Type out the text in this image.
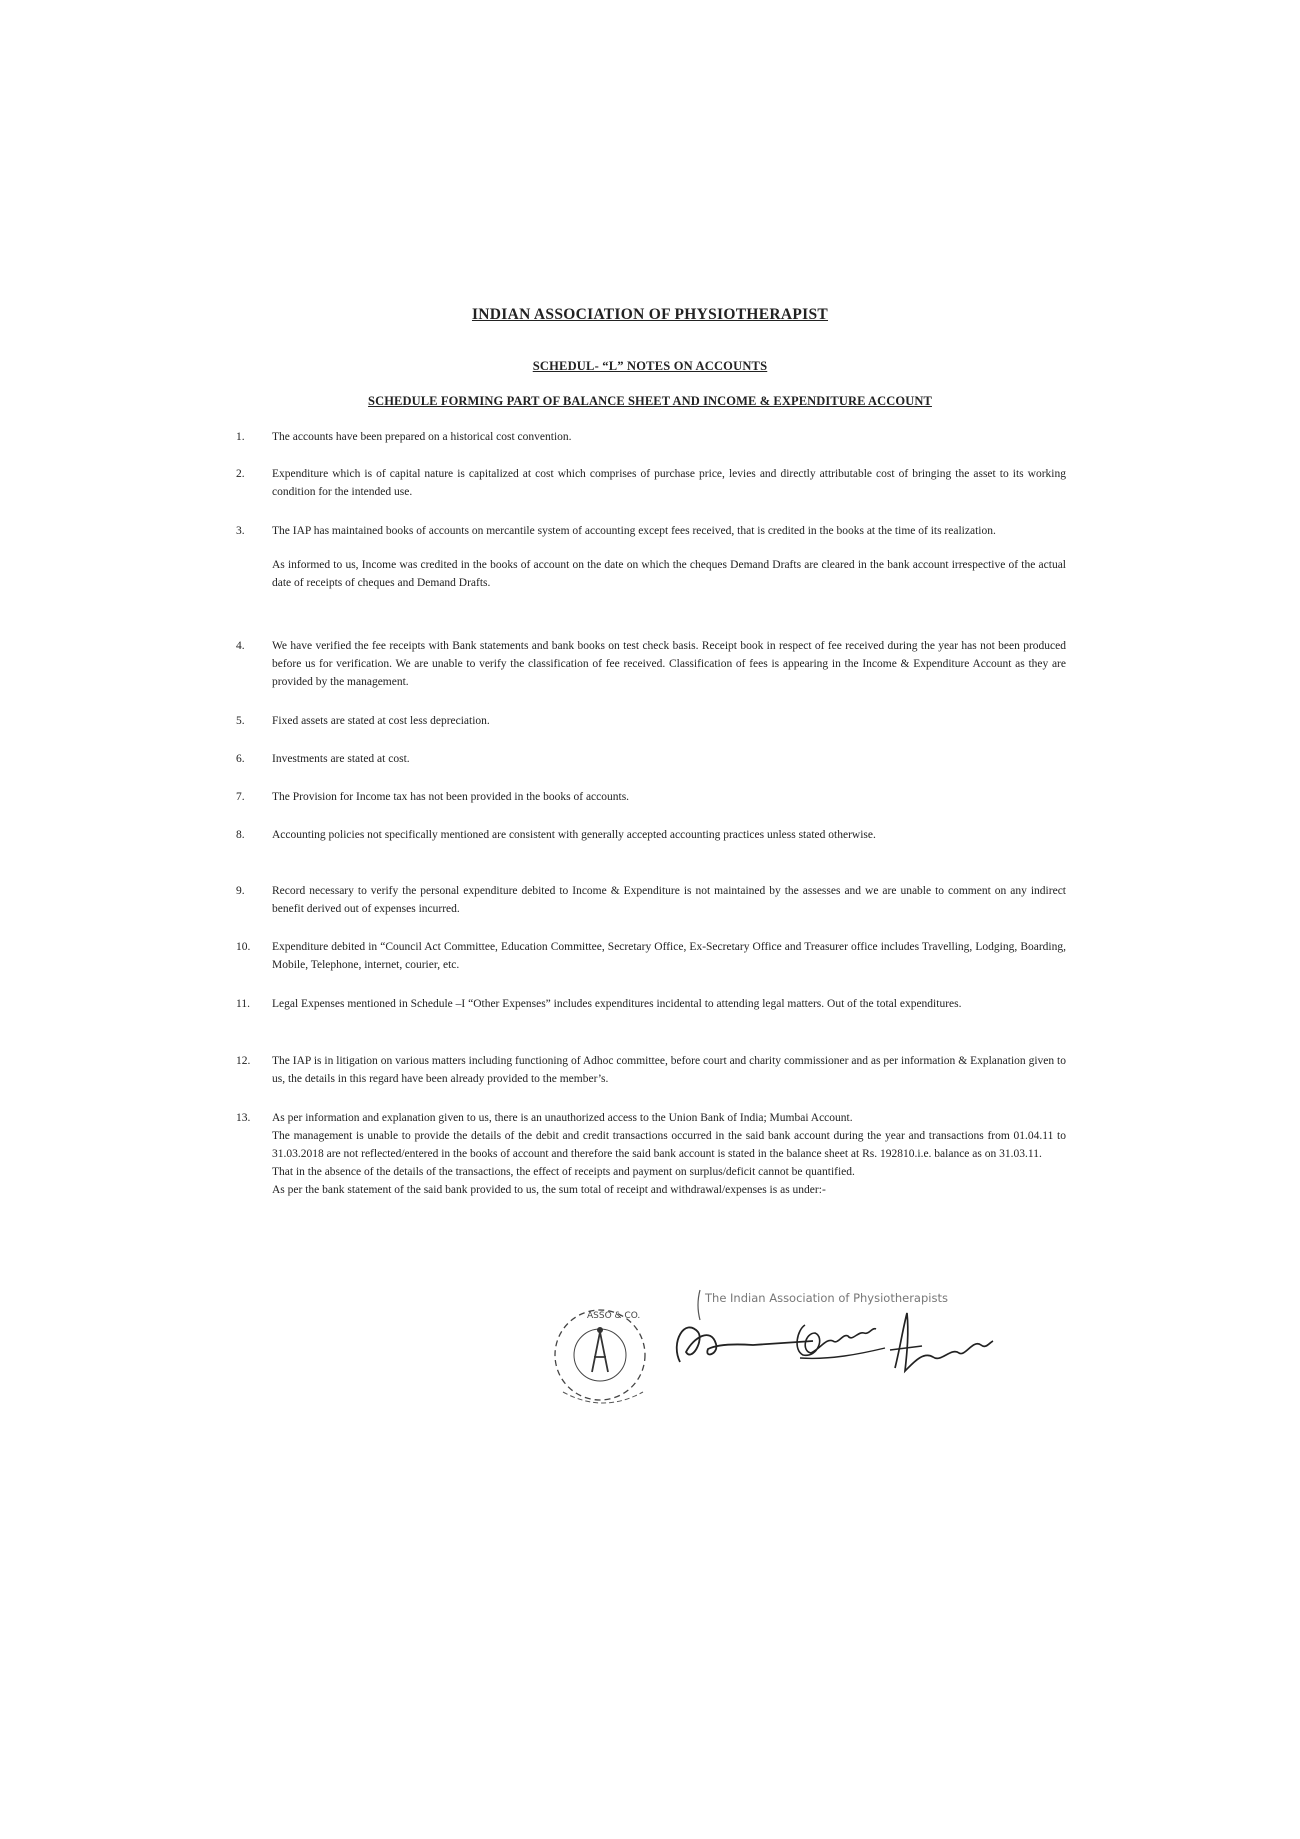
INDIAN ASSOCIATION OF PHYSIOTHERAPIST
SCHEDUL- “L” NOTES ON ACCOUNTS
SCHEDULE FORMING PART OF BALANCE SHEET AND INCOME & EXPENDITURE ACCOUNT
1. The accounts have been prepared on a historical cost convention.

2. Expenditure which is of capital nature is capitalized at cost which comprises of purchase price, levies and directly attributable cost of bringing the asset to its working condition for the intended use.

3. The IAP has maintained books of accounts on mercantile system of accounting except fees received, that is credited in the books at the time of its realization.

As informed to us, Income was credited in the books of account on the date on which the cheques Demand Drafts are cleared in the bank account irrespective of the actual date of receipts of cheques and Demand Drafts.

4. We have verified the fee receipts with Bank statements and bank books on test check basis. Receipt book in respect of fee received during the year has not been produced before us for verification. We are unable to verify the classification of fee received. Classification of fees is appearing in the Income & Expenditure Account as they are provided by the management.

5. Fixed assets are stated at cost less depreciation.

6. Investments are stated at cost.

7. The Provision for Income tax has not been provided in the books of accounts.

8. Accounting policies not specifically mentioned are consistent with generally accepted accounting practices unless stated otherwise.

9. Record necessary to verify the personal expenditure debited to Income & Expenditure is not maintained by the assesses and we are unable to comment on any indirect benefit derived out of expenses incurred.

10. Expenditure debited in “Council Act Committee, Education Committee, Secretary Office, Ex-Secretary Office and Treasurer office includes Travelling, Lodging, Boarding, Mobile, Telephone, internet, courier, etc.

11. Legal Expenses mentioned in Schedule –I “Other Expenses” includes expenditures incidental to attending legal matters. Out of the total expenditures.

12. The IAP is in litigation on various matters including functioning of Adhoc committee, before court and charity commissioner and as per information & Explanation given to us, the details in this regard have been already provided to the member’s.

13. As per information and explanation given to us, there is an unauthorized access to the Union Bank of India; Mumbai Account.

The management is unable to provide the details of the debit and credit transactions occurred in the said bank account during the year and transactions from 01.04.11 to 31.03.2018 are not reflected/entered in the books of account and therefore the said bank account is stated in the balance sheet at Rs. 192810.i.e. balance as on 31.03.11.

That in the absence of the details of the transactions, the effect of receipts and payment on surplus/deficit cannot be quantified.

As per the bank statement of the said bank provided to us, the sum total of receipt and withdrawal/expenses is as under:-

ASSO & CO.
The Indian Association of Physiotherapists
